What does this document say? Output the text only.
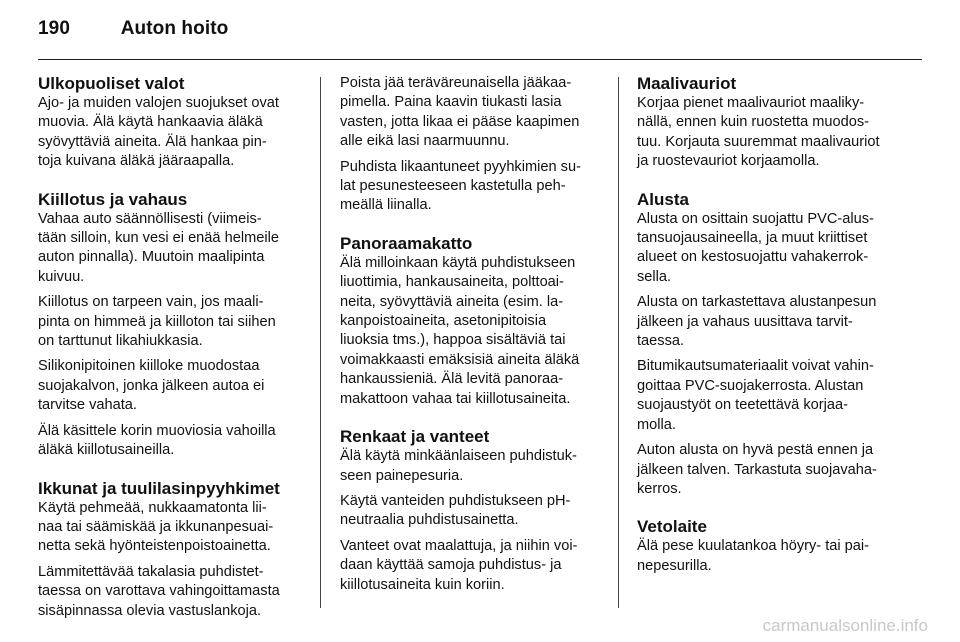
190	Auton hoito
Ulkopuoliset valot

Ajo- ja muiden valojen suojukset ovat
muovia. Älä käytä hankaavia äläkä
syövyttäviä aineita. Älä hankaa pin-
toja kuivana äläkä jääraapalla.

Kiillotus ja vahaus

Vahaa auto säännöllisesti (viimeis-
tään silloin, kun vesi ei enää helmeile
auton pinnalla). Muutoin maalipinta
kuivuu.

Kiillotus on tarpeen vain, jos maali-
pinta on himmeä ja kiilloton tai siihen
on tarttunut likahiukkasia.

Silikonipitoinen kiilloke muodostaa
suojakalvon, jonka jälkeen autoa ei
tarvitse vahata.

Älä käsittele korin muoviosia vahoilla
äläkä kiillotusaineilla.

Ikkunat ja tuulilasinpyyhkimet

Käytä pehmeää, nukkaamatonta lii-
naa tai säämiskää ja ikkunanpesuai-
netta sekä hyönteistenpoistoainetta.

Lämmitettävää takalasia puhdistet-
taessa on varottava vahingoittamasta
sisäpinnassa olevia vastuslankoja.

Poista jää teräväreunaisella jääkaa-
pimella. Paina kaavin tiukasti lasia
vasten, jotta likaa ei pääse kaapimen
alle eikä lasi naarmuunnu.

Puhdista likaantuneet pyyhkimien su-
lat pesunesteeseen kastetulla peh-
meällä liinalla.

Panoraamakatto

Älä milloinkaan käytä puhdistukseen
liuottimia, hankausaineita, polttoai-
neita, syövyttäviä aineita (esim. la-
kanpoistoaineita, asetonipitoisia
liuoksia tms.), happoa sisältäviä tai
voimakkaasti emäksisiä aineita äläkä
hankaussieniä. Älä levitä panoraa-
makattoon vahaa tai kiillotusaineita.

Renkaat ja vanteet

Älä käytä minkäänlaiseen puhdistuk-
seen painepesuria.

Käytä vanteiden puhdistukseen pH-
neutraalia puhdistusainetta.

Vanteet ovat maalattuja, ja niihin voi-
daan käyttää samoja puhdistus- ja
kiillotusaineita kuin koriin.

Maalivauriot

Korjaa pienet maalivauriot maaliky-
nällä, ennen kuin ruostetta muodos-
tuu. Korjauta suuremmat maalivauriot
ja ruostevauriot korjaamolla.

Alusta

Alusta on osittain suojattu PVC-alus-
tansuojausaineella, ja muut kriittiset
alueet on kestosuojattu vahakerrok-
sella.

Alusta on tarkastettava alustanpesun
jälkeen ja vahaus uusittava tarvit-
taessa.

Bitumikautsumateriaalit voivat vahin-
goittaa PVC-suojakerrosta. Alustan
suojaustyöt on teetettävä korjaa-
molla.

Auton alusta on hyvä pestä ennen ja
jälkeen talven. Tarkastuta suojavaha-
kerros.

Vetolaite

Älä pese kuulatankoa höyry- tai pai-
nepesurilla.

carmanualsonline.info
